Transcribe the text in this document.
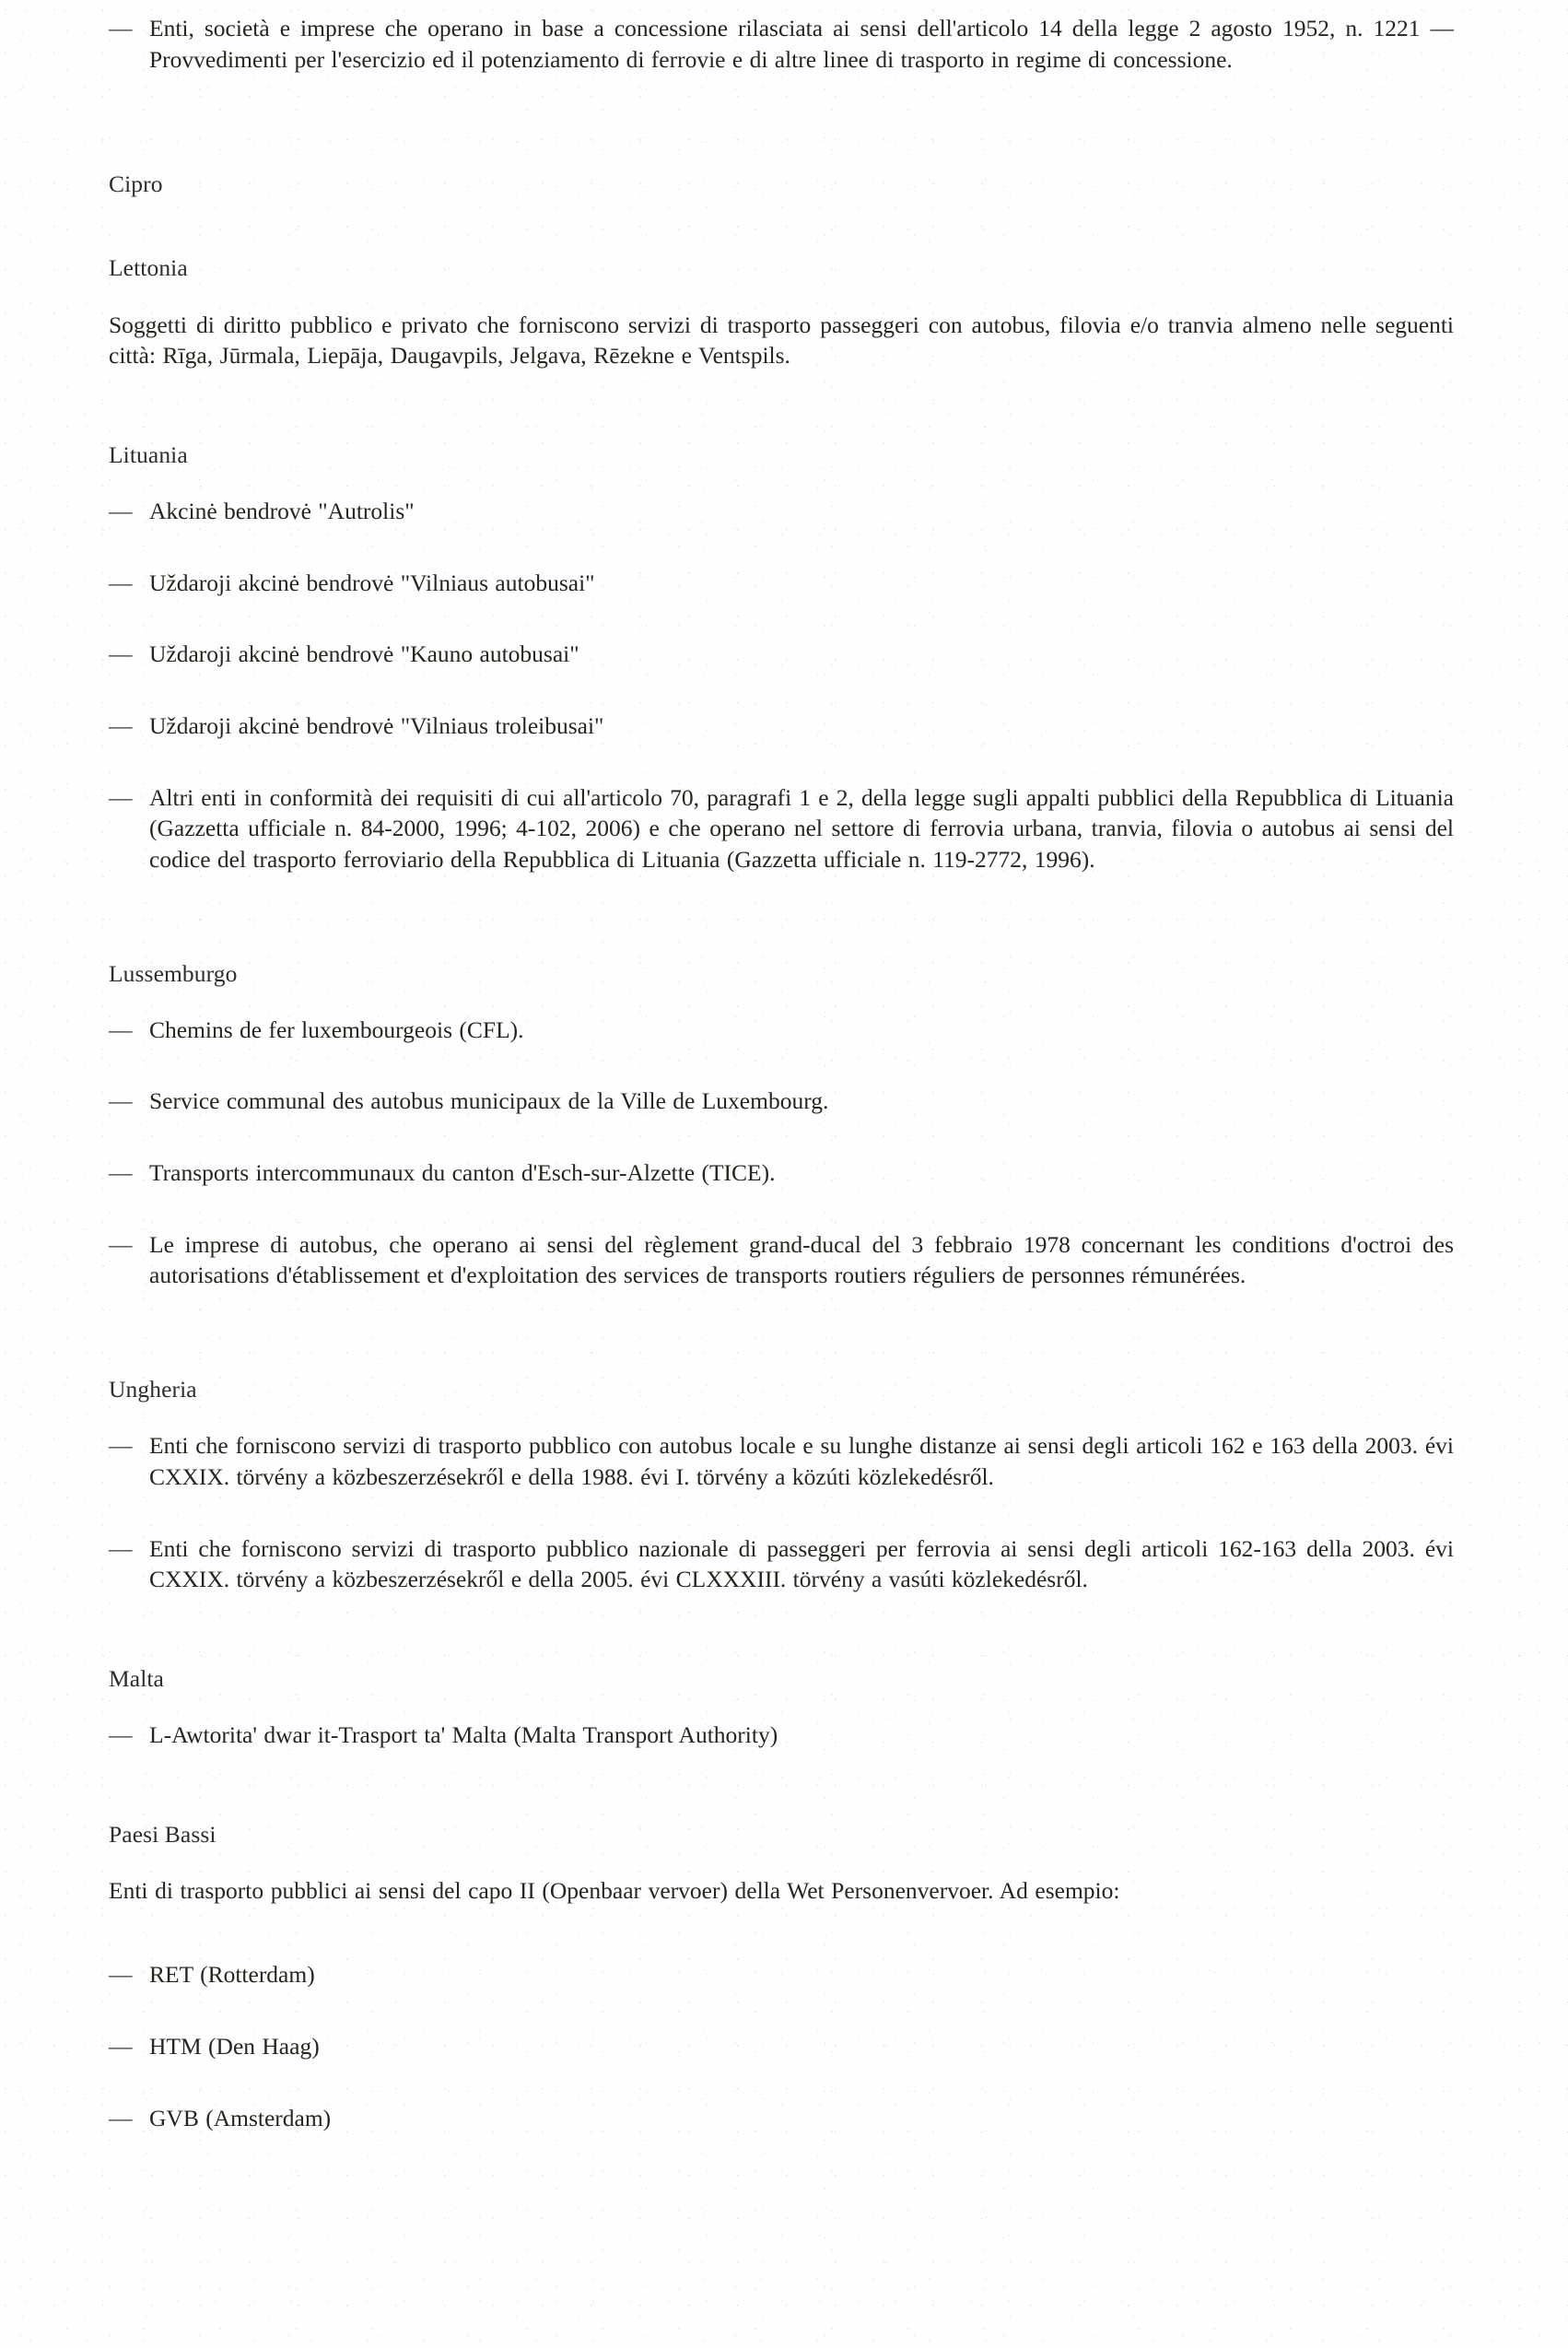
— Enti, società e imprese che operano in base a concessione rilasciata ai sensi dell'articolo 14 della legge 2 agosto 1952, n. 1221 — Provvedimenti per l'esercizio ed il potenziamento di ferrovie e di altre linee di trasporto in regime di concessione.
Cipro
Lettonia
Soggetti di diritto pubblico e privato che forniscono servizi di trasporto passeggeri con autobus, filovia e/o tranvia almeno nelle seguenti città: Rīga, Jūrmala, Liepāja, Daugavpils, Jelgava, Rēzekne e Ventspils.
Lituania
— Akcinė bendrovė "Autrolis"
— Uždaroji akcinė bendrovė "Vilniaus autobusai"
— Uždaroji akcinė bendrovė "Kauno autobusai"
— Uždaroji akcinė bendrovė "Vilniaus troleibusai"
— Altri enti in conformità dei requisiti di cui all'articolo 70, paragrafi 1 e 2, della legge sugli appalti pubblici della Repubblica di Lituania (Gazzetta ufficiale n. 84-2000, 1996; 4-102, 2006) e che operano nel settore di ferrovia urbana, tranvia, filovia o autobus ai sensi del codice del trasporto ferroviario della Repubblica di Lituania (Gazzetta ufficiale n. 119-2772, 1996).
Lussemburgo
— Chemins de fer luxembourgeois (CFL).
— Service communal des autobus municipaux de la Ville de Luxembourg.
— Transports intercommunaux du canton d'Esch-sur-Alzette (TICE).
— Le imprese di autobus, che operano ai sensi del règlement grand-ducal del 3 febbraio 1978 concernant les conditions d'octroi des autorisations d'établissement et d'exploitation des services de transports routiers réguliers de personnes rémunérées.
Ungheria
— Enti che forniscono servizi di trasporto pubblico con autobus locale e su lunghe distanze ai sensi degli articoli 162 e 163 della 2003. évi CXXIX. törvény a közbeszerzésekről e della 1988. évi I. törvény a közúti közlekedésről.
— Enti che forniscono servizi di trasporto pubblico nazionale di passeggeri per ferrovia ai sensi degli articoli 162-163 della 2003. évi CXXIX. törvény a közbeszerzésekről e della 2005. évi CLXXXIII. törvény a vasúti közlekedésről.
Malta
— L-Awtorita' dwar it-Trasport ta' Malta (Malta Transport Authority)
Paesi Bassi
Enti di trasporto pubblici ai sensi del capo II (Openbaar vervoer) della Wet Personenvervoer. Ad esempio:
— RET (Rotterdam)
— HTM (Den Haag)
— GVB (Amsterdam)
